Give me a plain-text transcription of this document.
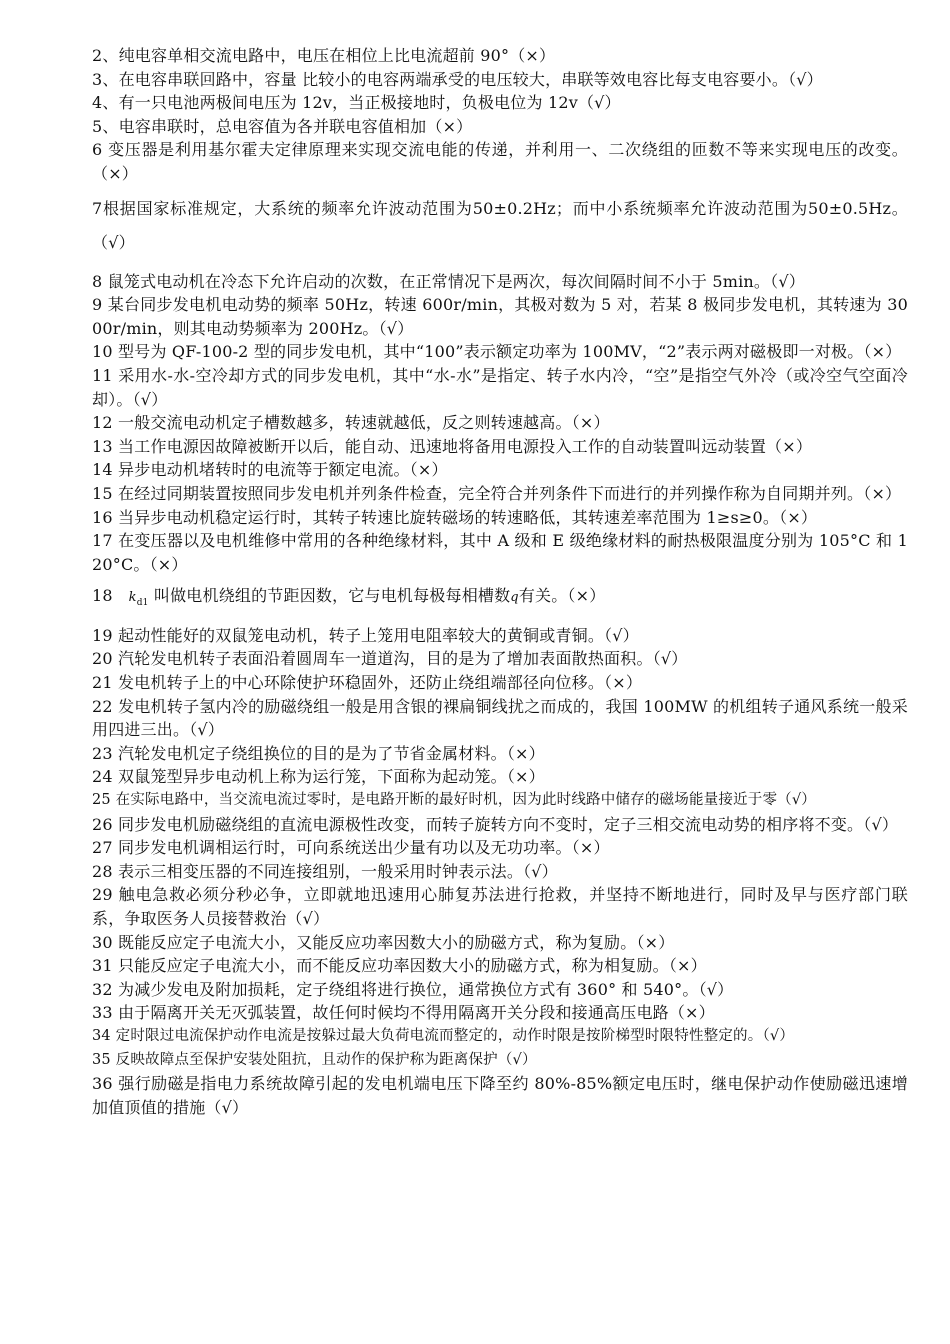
2、纯电容单相交流电路中，电压在相位上比电流超前 90°（×）

3、在电容串联回路中，容量 比较小的电容两端承受的电压较大，串联等效电容比每支电容要小。（√）

4、有一只电池两极间电压为 12v，当正极接地时，负极电位为 12v（√）

5、电容串联时，总电容值为各并联电容值相加（×）

6 变压器是利用基尔霍夫定律原理来实现交流电能的传递，并利用一、二次绕组的匝数不等来实现电压的改变。（×）

7根据国家标准规定，大系统的频率允许波动范围为50±0.2Hz；而中小系统频率允许波动范围为50±0.5Hz。（√）

8 鼠笼式电动机在冷态下允许启动的次数，在正常情况下是两次，每次间隔时间不小于 5min。（√）

9 某台同步发电机电动势的频率 50Hz，转速 600r/min，其极对数为 5 对，若某 8 极同步发电机，其转速为 3000r/min，则其电动势频率为 200Hz。（√）

10 型号为 QF-100-2 型的同步发电机，其中“100”表示额定功率为 100MV，“2”表示两对磁极即一对极。（×）

11 采用水-水-空冷却方式的同步发电机，其中“水-水”是指定、转子水内冷，“空”是指空气外冷（或冷空气空面冷却）。（√）

12 一般交流电动机定子槽数越多，转速就越低，反之则转速越高。（×）

13 当工作电源因故障被断开以后，能自动、迅速地将备用电源投入工作的自动装置叫远动装置（×）

14 异步电动机堵转时的电流等于额定电流。（×）

15 在经过同期装置按照同步发电机并列条件检查，完全符合并列条件下而进行的并列操作称为自同期并列。（×）

16 当异步电动机稳定运行时，其转子转速比旋转磁场的转速略低，其转速差率范围为 1≥s≥0。（×）

17 在变压器以及电机维修中常用的各种绝缘材料，其中 A 级和 E 级绝缘材料的耐热极限温度分别为 105°C 和 120°C。（×）

18 $k_{d1}$ 叫做电机绕组的节距因数，它与电机每极每相槽数q有关。（×）

19 起动性能好的双鼠笼电动机，转子上笼用电阻率较大的黄铜或青铜。（√）

20 汽轮发电机转子表面沿着圆周车一道道沟，目的是为了增加表面散热面积。（√）

21 发电机转子上的中心环除使护环稳固外，还防止绕组端部径向位移。（×）

22 发电机转子氢内冷的励磁绕组一般是用含银的裸扁铜线扰之而成的，我国 100MW 的机组转子通风系统一般采用四进三出。（√）

23 汽轮发电机定子绕组换位的目的是为了节省金属材料。（×）

24 双鼠笼型异步电动机上称为运行笼，下面称为起动笼。（×）

25 在实际电路中，当交流电流过零时，是电路开断的最好时机，因为此时线路中储存的磁场能量接近于零（√）

26 同步发电机励磁绕组的直流电源极性改变，而转子旋转方向不变时，定子三相交流电动势的相序将不变。（√）

27 同步发电机调相运行时，可向系统送出少量有功以及无功功率。（×）

28 表示三相变压器的不同连接组别，一般采用时钟表示法。（√）

29 触电急救必须分秒必争，立即就地迅速用心肺复苏法进行抢救，并坚持不断地进行，同时及早与医疗部门联系，争取医务人员接替救治（√）

30 既能反应定子电流大小，又能反应功率因数大小的励磁方式，称为复励。（×）

31 只能反应定子电流大小，而不能反应功率因数大小的励磁方式，称为相复励。（×）

32 为减少发电及附加损耗，定子绕组将进行换位，通常换位方式有 360° 和 540°。（√）

33 由于隔离开关无灭弧装置，故任何时候均不得用隔离开关分段和接通高压电路（×）

34 定时限过电流保护动作电流是按躲过最大负荷电流而整定的，动作时限是按阶梯型时限特性整定的。（√）

35 反映故障点至保护安装处阻抗，且动作的保护称为距离保护（√）

36 强行励磁是指电力系统故障引起的发电机端电压下降至约 80%-85%额定电压时，继电保护动作使励磁迅速增加值顶值的措施（√）
